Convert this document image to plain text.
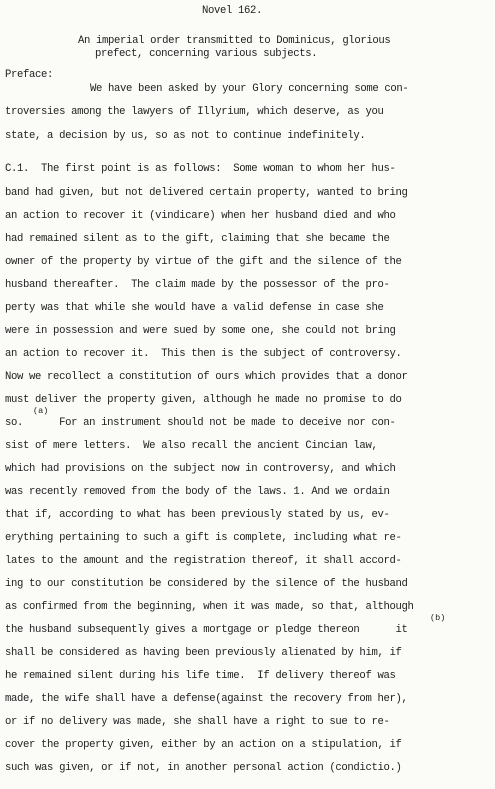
Novel 162.
An imperial order transmitted to Dominicus, glorious
prefect, concerning various subjects.
Preface:
We have been asked by your Glory concerning some con-
troversies among the lawyers of Illyrium, which deserve, as you
state, a decision by us, so as not to continue indefinitely.
C.1.  The first point is as follows:  Some woman to whom her hus-
band had given, but not delivered certain property, wanted to bring
an action to recover it (vindicare) when her husband died and who
had remained silent as to the gift, claiming that she became the
owner of the property by virtue of the gift and the silence of the
husband thereafter.  The claim made by the possessor of the pro-
perty was that while she would have a valid defense in case she
were in possession and were sued by some one, she could not bring
an action to recover it.  This then is the subject of controversy.
Now we recollect a constitution of ours which provides that a donor
must deliver the property given, although he made no promise to do
(a)
so.      For an instrument should not be made to deceive nor con-
sist of mere letters.  We also recall the ancient Cincian law,
which had provisions on the subject now in controversy, and which
was recently removed from the body of the laws. 1. And we ordain
that if, according to what has been previously stated by us, ev-
erything pertaining to such a gift is complete, including what re-
lates to the amount and the registration thereof, it shall accord-
ing to our constitution be considered by the silence of the husband
as confirmed from the beginning, when it was made, so that, although
(b)
the husband subsequently gives a mortgage or pledge thereon      it
shall be considered as having been previously alienated by him, if
he remained silent during his life time.  If delivery thereof was
made, the wife shall have a defense(against the recovery from her),
or if no delivery was made, she shall have a right to sue to re-
cover the property given, either by an action on a stipulation, if
such was given, or if not, in another personal action (condictio.)
